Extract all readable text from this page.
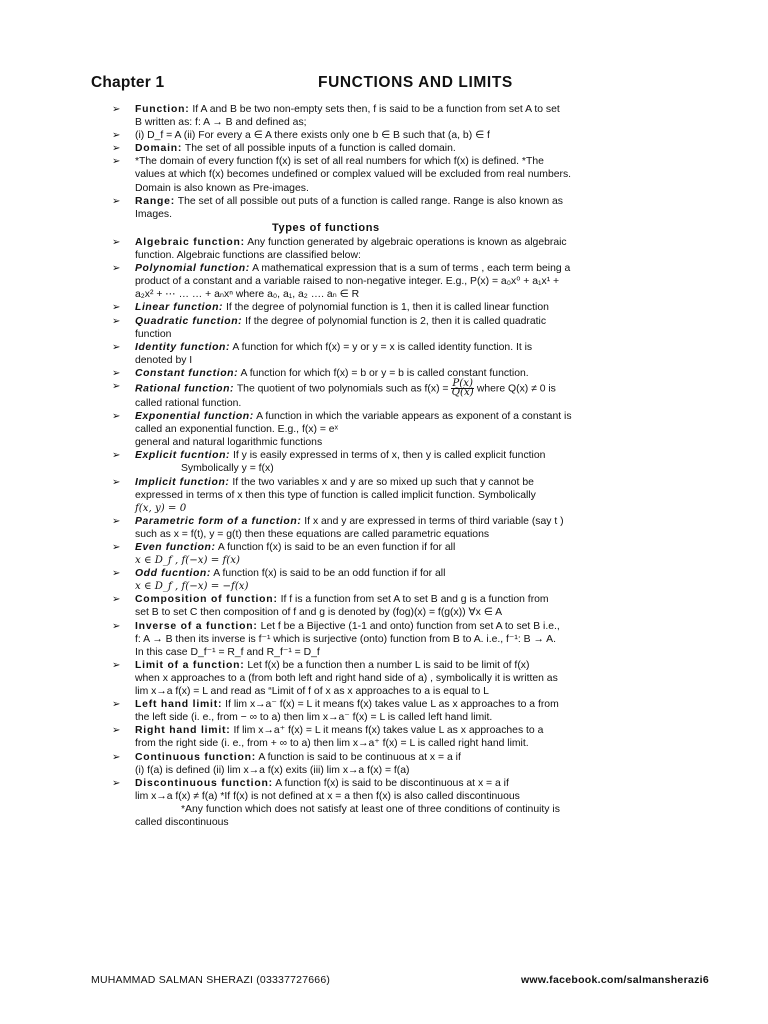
Chapter 1	FUNCTIONS AND LIMITS
➢ Function: If A and B be two non-empty sets then, f is said to be a function from set A to set
B written as: f: A → B and defined as;
➢ (i) D_f = A (ii) For every a ∈ A there exists only one b ∈ B such that (a, b) ∈ f
➢ Domain: The set of all possible inputs of a function is called domain.
➢ *The domain of every function f(x) is set of all real numbers for which f(x) is defined. *The
values at which f(x) becomes undefined or complex valued will be excluded from real numbers.
Domain is also known as Pre-images.
➢ Range: The set of all possible out puts of a function is called range. Range is also known as
Images.
Types of functions
➢ Algebraic function: Any function generated by algebraic operations is known as algebraic
function. Algebraic functions are classified below:
➢ Polynomial function: A mathematical expression that is a sum of terms , each term being a
product of a constant and a variable raised to non-negative integer. E.g., P(x) = a₀x⁰ + a₁x¹ +
a₂x² + ⋯ … … + aₙxⁿ where a₀, a₁, a₂ …. aₙ ∈ R
➢ Linear function: If the degree of polynomial function is 1, then it is called linear function
➢ Quadratic function: If the degree of polynomial function is 2, then it is called quadratic
function
➢ Identity function: A function for which f(x) = y or y = x is called identity function. It is
denoted by I
➢ Constant function: A function for which f(x) = b or y = b is called constant function.
➢ Rational function: The quotient of two polynomials such as $f(x) = \frac{P(x)}{Q(x)}$ where Q(x) ≠ 0 is
called rational function.
➢ Exponential function: A function in which the variable appears as exponent of a constant is
called an exponential function. E.g., f(x) = eˣ
general and natural logarithmic functions
➢ Explicit fucntion: If y is easily expressed in terms of x, then y is called explicit function
Symbolically y = f(x)
➢ Implicit function: If the two variables x and y are so mixed up such that y cannot be
expressed in terms of x then this type of function is called implicit function. Symbolically
f(x, y) = 0
➢ Parametric form of a function: If x and y are expressed in terms of third variable (say t )
such as x = f(t), y = g(t) then these equations are called parametric equations
➢ Even function: A function f(x) is said to be an even function if for all
x ∈ D_f , f(−x) = f(x)
➢ Odd fucntion: A function f(x) is said to be an odd function if for all
x ∈ D_f , f(−x) = −f(x)
➢ Composition of function: If f is a function from set A to set B and g is a function from
set B to set C then composition of f and g is denoted by (fog)(x) = f(g(x)) ∀x ∈ A
➢ Inverse of a function: Let f be a Bijective (1-1 and onto) function from set A to set B i.e.,
f: A → B then its inverse is f⁻¹ which is surjective (onto) function from B to A. i.e., f⁻¹: B → A.
In this case D_f⁻¹ = R_f and R_f⁻¹ = D_f
➢ Limit of a function: Let f(x) be a function then a number L is said to be limit of f(x)
when x approaches to a (from both left and right hand side of a) , symbolically it is written as
lim x→a f(x) = L and read as “Limit of f of x as x approaches to a is equal to L
➢ Left hand limit: If lim x→a⁻ f(x) = L it means f(x) takes value L as x approaches to a from
the left side (i. e., from − ∞ to a) then lim x→a⁻ f(x) = L is called left hand limit.
➢ Right hand limit: If lim x→a⁺ f(x) = L it means f(x) takes value L as x approaches to a
from the right side (i. e., from + ∞ to a) then lim x→a⁺ f(x) = L is called right hand limit.
➢ Continuous function: A function is said to be continuous at x = a if
(i) f(a) is defined (ii) lim x→a f(x) exits (iii) lim x→a f(x) = f(a)
➢ Discontinuous function: A function f(x) is said to be discontinuous at x = a if
lim x→a f(x) ≠ f(a) *If f(x) is not defined at x = a then f(x) is also called discontinuous
*Any function which does not satisfy at least one of three conditions of continuity is
called discontinuous
MUHAMMAD SALMAN SHERAZI (03337727666)	www.facebook.com/salmansherazi6
